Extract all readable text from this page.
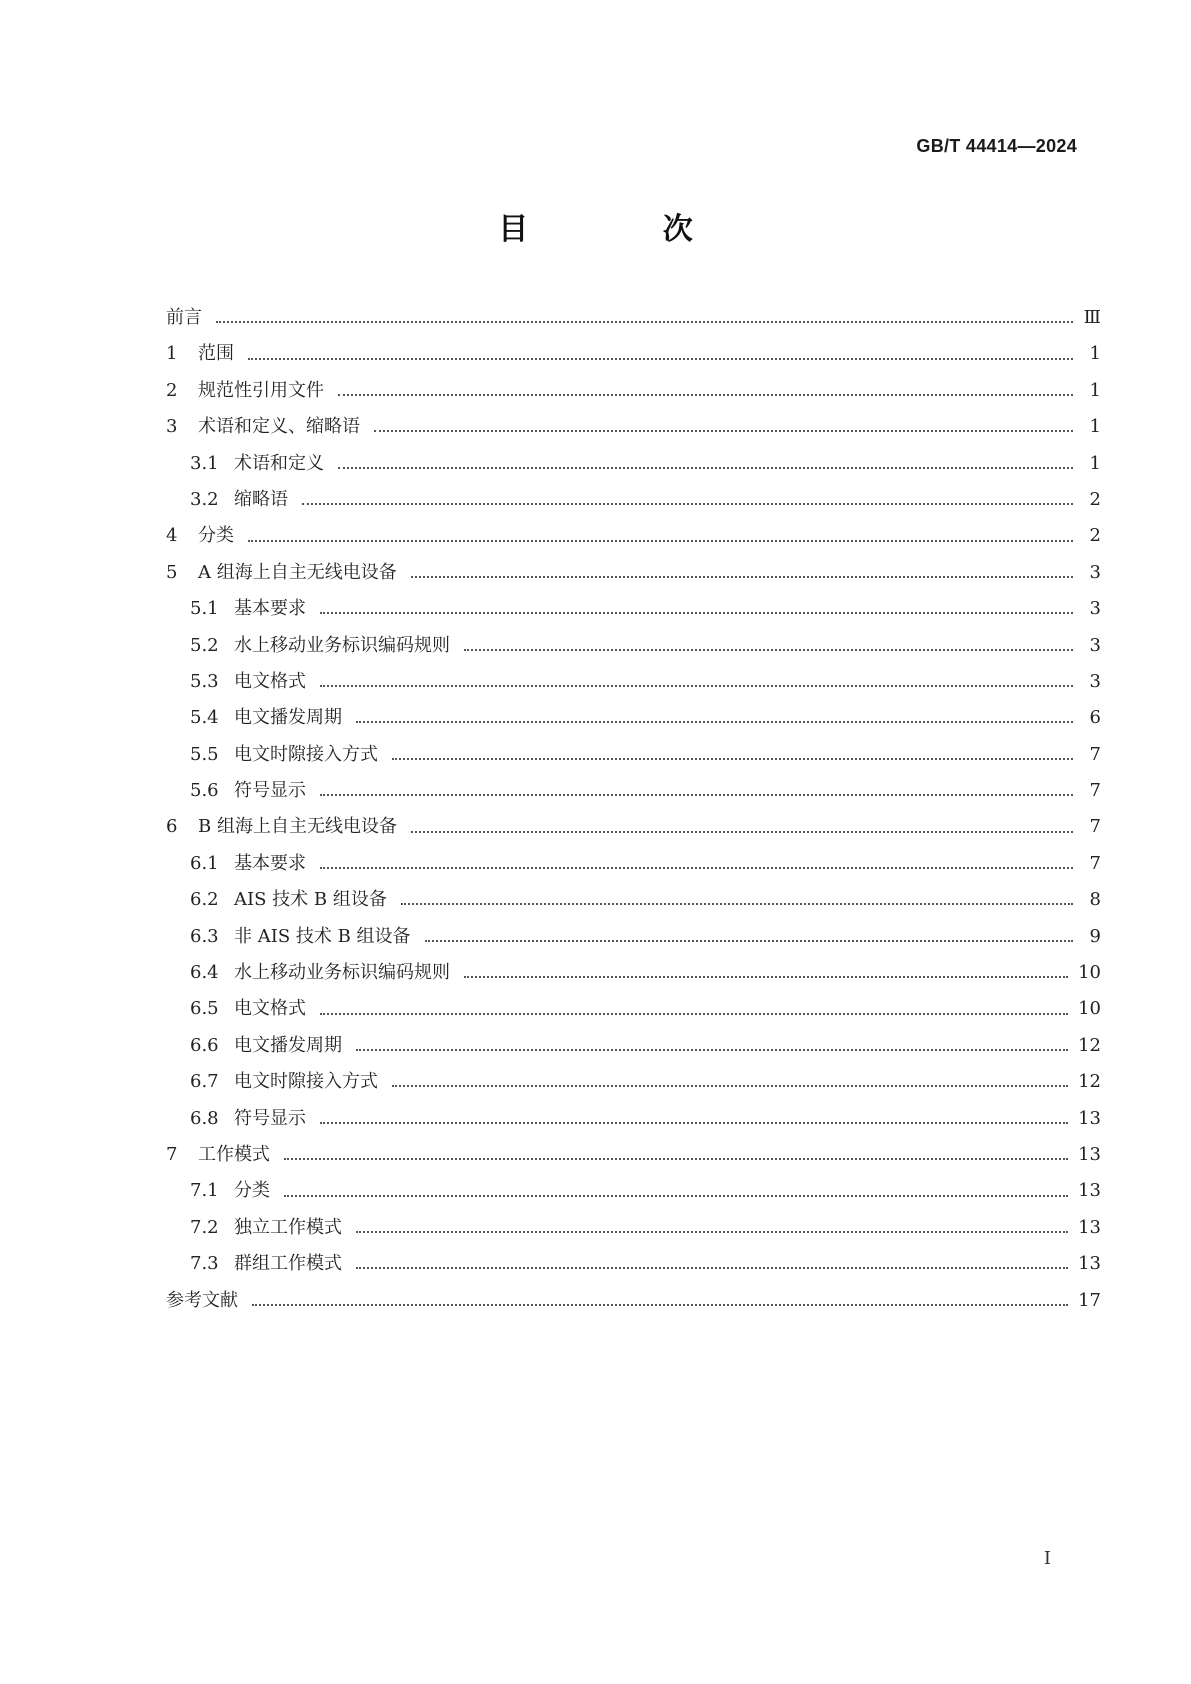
GB/T 44414—2024
目 次
前言	Ⅲ
1	范围	1
2	规范性引用文件	1
3	术语和定义、缩略语	1
3.1 术语和定义	1
3.2 缩略语	2
4	分类	2
5	A 组海上自主无线电设备	3
5.1 基本要求	3
5.2 水上移动业务标识编码规则	3
5.3 电文格式	3
5.4 电文播发周期	6
5.5 电文时隙接入方式	7
5.6 符号显示	7
6	B 组海上自主无线电设备	7
6.1 基本要求	7
6.2 AIS 技术 B 组设备	8
6.3 非 AIS 技术 B 组设备	9
6.4 水上移动业务标识编码规则	10
6.5 电文格式	10
6.6 电文播发周期	12
6.7 电文时隙接入方式	12
6.8 符号显示	13
7	工作模式	13
7.1 分类	13
7.2 独立工作模式	13
7.3 群组工作模式	13
参考文献	17
Ⅰ
